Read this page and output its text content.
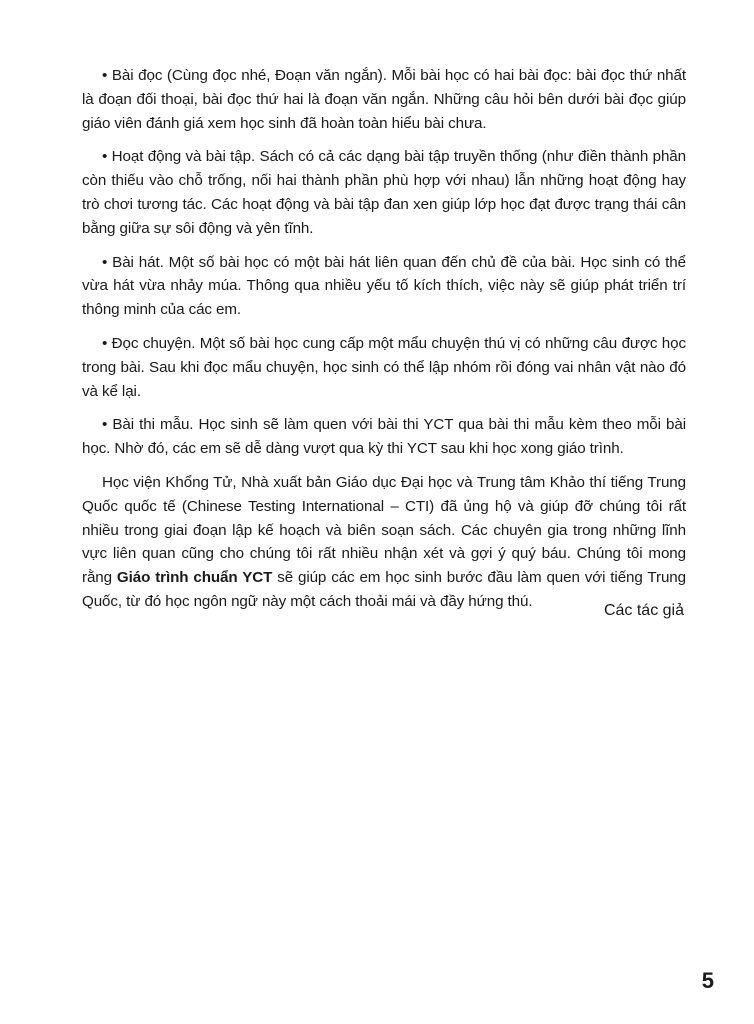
• Bài đọc (Cùng đọc nhé, Đoạn văn ngắn). Mỗi bài học có hai bài đọc: bài đọc thứ nhất là đoạn đối thoại, bài đọc thứ hai là đoạn văn ngắn. Những câu hỏi bên dưới bài đọc giúp giáo viên đánh giá xem học sinh đã hoàn toàn hiểu bài chưa.

• Hoạt động và bài tập. Sách có cả các dạng bài tập truyền thống (như điền thành phần còn thiếu vào chỗ trống, nối hai thành phần phù hợp với nhau) lẫn những hoạt động hay trò chơi tương tác. Các hoạt động và bài tập đan xen giúp lớp học đạt được trạng thái cân bằng giữa sự sôi động và yên tĩnh.

• Bài hát. Một số bài học có một bài hát liên quan đến chủ đề của bài. Học sinh có thể vừa hát vừa nhảy múa. Thông qua nhiều yếu tố kích thích, việc này sẽ giúp phát triển trí thông minh của các em.

• Đọc chuyện. Một số bài học cung cấp một mẩu chuyện thú vị có những câu được học trong bài. Sau khi đọc mẩu chuyện, học sinh có thể lập nhóm rồi đóng vai nhân vật nào đó và kể lại.

• Bài thi mẫu. Học sinh sẽ làm quen với bài thi YCT qua bài thi mẫu kèm theo mỗi bài học. Nhờ đó, các em sẽ dễ dàng vượt qua kỳ thi YCT sau khi học xong giáo trình.

Học viện Khổng Tử, Nhà xuất bản Giáo dục Đại học và Trung tâm Khảo thí tiếng Trung Quốc quốc tế (Chinese Testing International – CTI) đã ủng hộ và giúp đỡ chúng tôi rất nhiều trong giai đoạn lập kế hoạch và biên soạn sách. Các chuyên gia trong những lĩnh vực liên quan cũng cho chúng tôi rất nhiều nhận xét và gợi ý quý báu. Chúng tôi mong rằng Giáo trình chuẩn YCT sẽ giúp các em học sinh bước đầu làm quen với tiếng Trung Quốc, từ đó học ngôn ngữ này một cách thoải mái và đầy hứng thú.

Các tác giả

5
